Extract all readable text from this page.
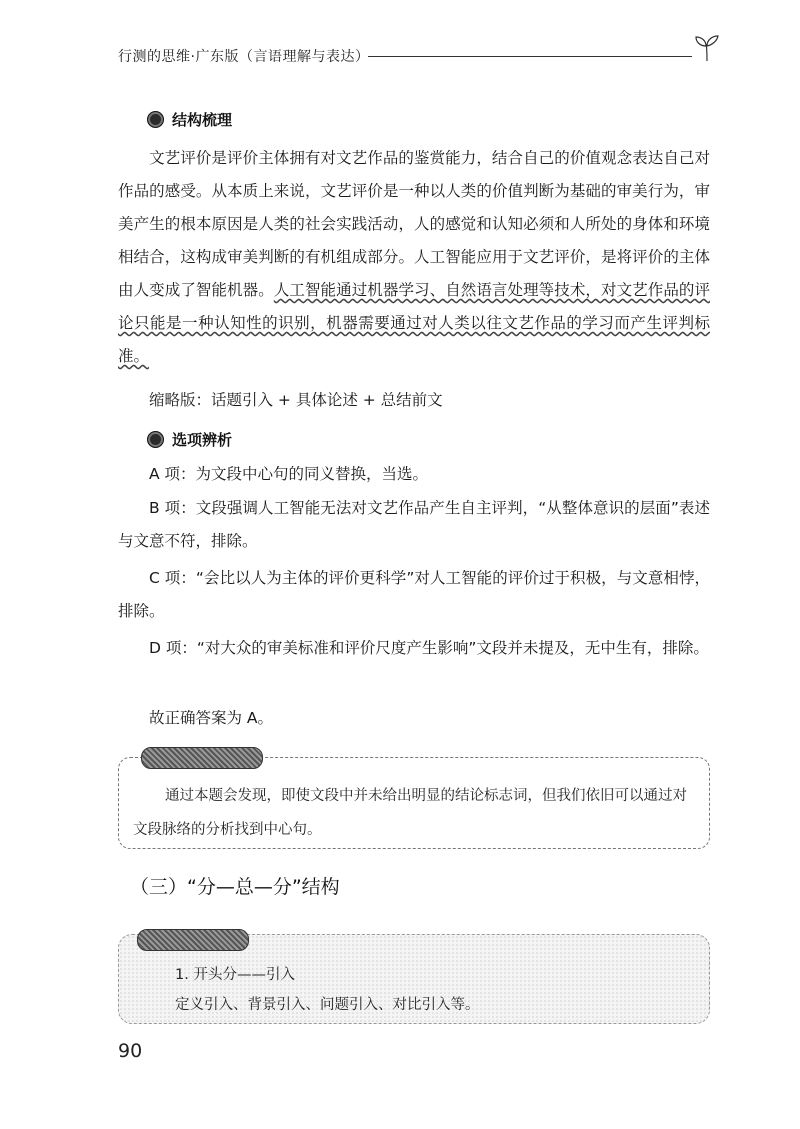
行测的思维·广东版（言语理解与表达）
结构梳理
文艺评价是评价主体拥有对文艺作品的鉴赏能力，结合自己的价值观念表达自己对作品的感受。从本质上来说，文艺评价是一种以人类的价值判断为基础的审美行为，审美产生的根本原因是人类的社会实践活动，人的感觉和认知必须和人所处的身体和环境相结合，这构成审美判断的有机组成部分。人工智能应用于文艺评价，是将评价的主体由人变成了智能机器。人工智能通过机器学习、自然语言处理等技术，对文艺作品的评论只能是一种认知性的识别，机器需要通过对人类以往文艺作品的学习而产生评判标准。
缩略版：话题引入 + 具体论述 + 总结前文
选项辨析
A 项：为文段中心句的同义替换，当选。
B 项：文段强调人工智能无法对文艺作品产生自主评判，“从整体意识的层面”表述与文意不符，排除。
C 项：“会比以人为主体的评价更科学”对人工智能的评价过于积极，与文意相悖，排除。
D 项：“对大众的审美标准和评价尺度产生影响”文段并未提及，无中生有，排除。
故正确答案为 A。
通过本题会发现，即使文段中并未给出明显的结论标志词，但我们依旧可以通过对文段脉络的分析找到中心句。
（三）“分—总—分”结构
1. 开头分——引入
定义引入、背景引入、问题引入、对比引入等。
90
